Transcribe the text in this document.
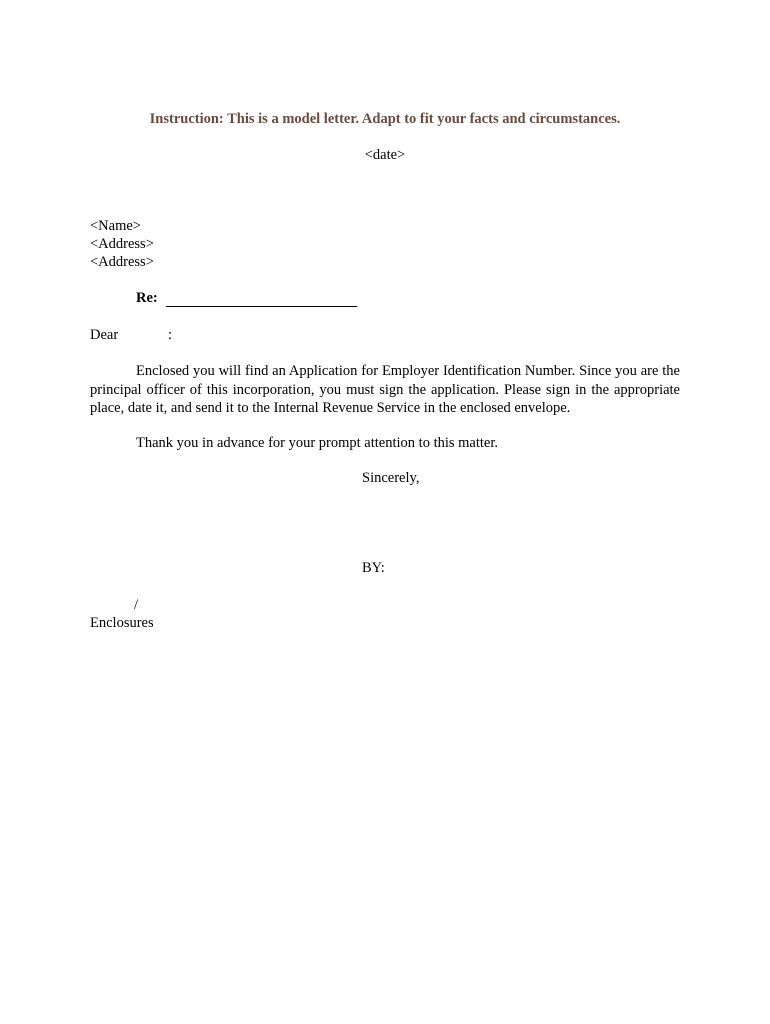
Instruction: This is a model letter. Adapt to fit your facts and circumstances.
<date>
<Name>
<Address>
<Address>
Re:
Dear	:
Enclosed you will find an Application for Employer Identification Number. Since you are the principal officer of this incorporation, you must sign the application. Please sign in the appropriate place, date it, and send it to the Internal Revenue Service in the enclosed envelope.
Thank you in advance for your prompt attention to this matter.
Sincerely,
BY:
/
Enclosures
